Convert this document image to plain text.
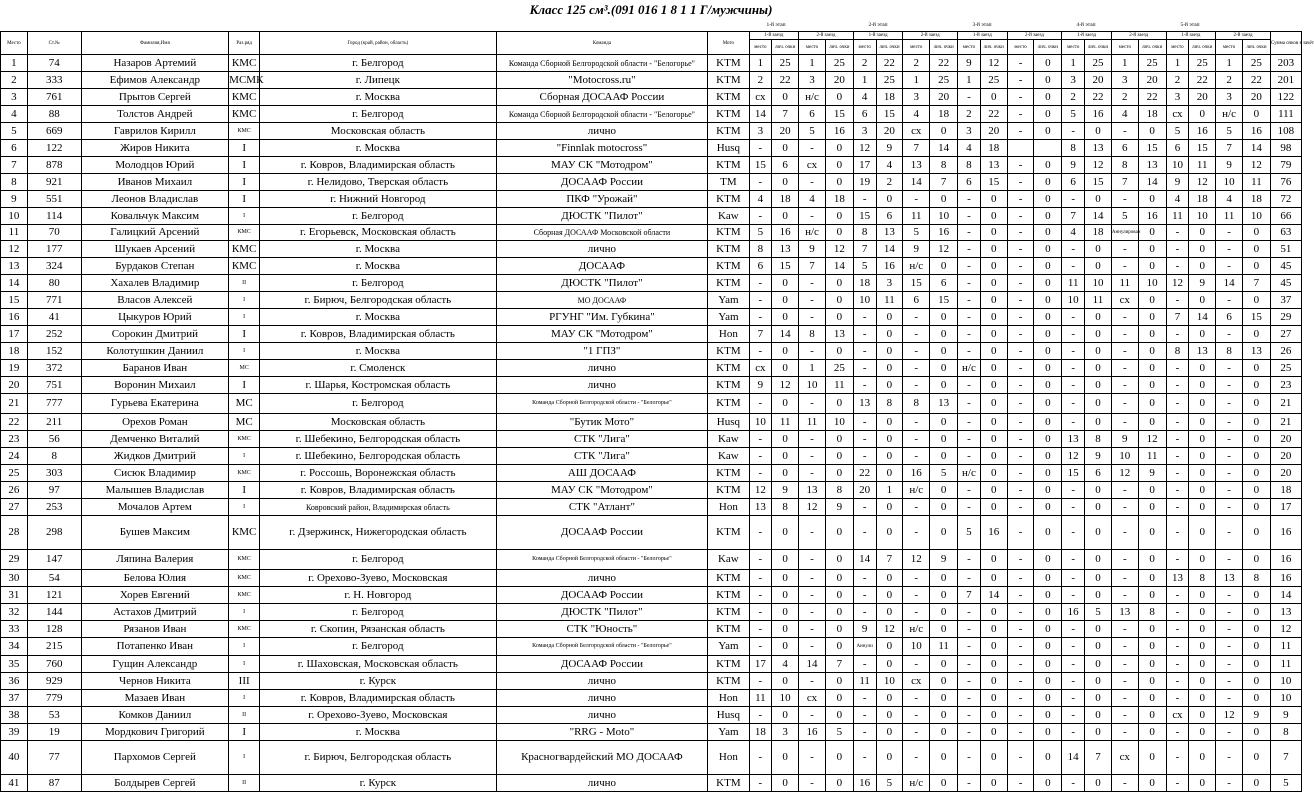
Класс 125 см³.(091 016 1 8 1 1 Г/мужчины)
1-й этап	2-й этап	3-й этап	4-й этап	5-й этап
Место	Ст.№	Фамилия,Имя	Раз.ряд	Город (край, район, область)	Команда	Мото	1-й заезд		2-й заезд		1-й заезд		2-й заезд		1-й заезд		2-й заезд		1-й заезд		2-й заезд		1-й заезд		2-й заезд		Сумма очков в зачёт
							место	лич. очки	место	лич. очки	место	лич. очки	место	лич. очки	место	лич. очки	место	лич. очки	место	лич. очки	место	лич. очки	место	лич. очки	место	лич. очки	
1	74	Назаров Артемий	КМС	г. Белгород	Команда Сборной Белгородской области - "Белогорье"	KTM	1	25	1	25	2	22	2	22	9	12	-	0	1	25	1	25	1	25	1	25	203
2	333	Ефимов Александр	МСМК	г. Липецк	"Motocross.ru"	KTM	2	22	3	20	1	25	1	25	1	25	-	0	3	20	3	20	2	22	2	22	201
3	761	Прытов Сергей	КМС	г. Москва	Сборная ДОСААФ России	KTM	сх	0	н/с	0	4	18	3	20	-	0	-	0	2	22	2	22	3	20	3	20	122
4	88	Толстов Андрей	КМС	г. Белгород	Команда Сборной Белгородской области - "Белогорье"	KTM	14	7	6	15	6	15	4	18	2	22	-	0	5	16	4	18	сх	0	н/с	0	111
5	669	Гаврилов Кирилл	КМС	Московская область	лично	KTM	3	20	5	16	3	20	сх	0	3	20	-	0	-	0	-	0	5	16	5	16	108
6	122	Жиров Никита	I	г. Москва	"Finnlak motocross"	Husq	-	0	-	0	12	9	7	14	4	18			8	13	6	15	6	15	7	14	98
7	878	Молодцов Юрий	I	г. Ковров, Владимирская область	МАУ СК "Мотодром"	KTM	15	6	сх	0	17	4	13	8	8	13	-	0	9	12	8	13	10	11	9	12	79
8	921	Иванов Михаил	I	г. Нелидово, Тверская область	ДОСААФ России	TM	-	0	-	0	19	2	14	7	6	15	-	0	6	15	7	14	9	12	10	11	76
9	551	Леонов Владислав	I	г. Нижний Новгород	ПКФ "Урожай"	KTM	4	18	4	18	-	0	-	0	-	0	-	0	-	0	-	0	4	18	4	18	72
10	114	Ковальчук Максим	I	г. Белгород	ДЮСТК "Пилот"	Kaw	-	0	-	0	15	6	11	10	-	0	-	0	7	14	5	16	11	10	11	10	66
11	70	Галицкий Арсений	КМС	г. Егорьевск, Московская область	Сборная ДОСААФ Московской области	KTM	5	16	н/с	0	8	13	5	16	-	0	-	0	4	18	Аннулирован	0	-	0	-	0	63
12	177	Шукаев Арсений	КМС	г. Москва	лично	KTM	8	13	9	12	7	14	9	12	-	0	-	0	-	0	-	0	-	0	-	0	51
13	324	Бурдаков Степан	КМС	г. Москва	ДОСААФ	KTM	6	15	7	14	5	16	н/с	0	-	0	-	0	-	0	-	0	-	0	-	0	45
14	80	Хахалев Владимир	II	г. Белгород	ДЮСТК "Пилот"	KTM	-	0	-	0	18	3	15	6	-	0	-	0	11	10	11	10	12	9	14	7	45
15	771	Власов Алексей	I	г. Бирюч, Белгородская область	МО ДОСААФ	Yam	-	0	-	0	10	11	6	15	-	0	-	0	10	11	сх	0	-	0	-	0	37
16	41	Цыкуров Юрий	I	г. Москва	РГУНГ "Им. Губкина"	Yam	-	0	-	0	-	0	-	0	-	0	-	0	-	0	-	0	7	14	6	15	29
17	252	Сорокин Дмитрий	I	г. Ковров, Владимирская область	МАУ СК "Мотодром"	Hon	7	14	8	13	-	0	-	0	-	0	-	0	-	0	-	0	-	0	-	0	27
18	152	Колотушкин Даниил	I	г. Москва	"1 ГПЗ"	KTM	-	0	-	0	-	0	-	0	-	0	-	0	-	0	-	0	8	13	8	13	26
19	372	Баранов Иван	МС	г. Смоленск	лично	KTM	сх	0	1	25	-	0	-	0	н/с	0	-	0	-	0	-	0	-	0	-	0	25
20	751	Воронин Михаил	I	г. Шарья, Костромская область	лично	KTM	9	12	10	11	-	0	-	0	-	0	-	0	-	0	-	0	-	0	-	0	23
21	777	Гурьева Екатерина	МС	г. Белгород	Команда Сборной Белгородской области - "Белогорье"	KTM	-	0	-	0	13	8	8	13	-	0	-	0	-	0	-	0	-	0	-	0	21
22	211	Орехов Роман	МС	Московская область	"Бутик Мото"	Husq	10	11	11	10	-	0	-	0	-	0	-	0	-	0	-	0	-	0	-	0	21
23	56	Демченко Виталий	КМС	г. Шебекино, Белгородская область	СТК "Лига"	Kaw	-	0	-	0	-	0	-	0	-	0	-	0	13	8	9	12	-	0	-	0	20
24	8	Жидков Дмитрий	I	г. Шебекино, Белгородская область	СТК "Лига"	Kaw	-	0	-	0	-	0	-	0	-	0	-	0	12	9	10	11	-	0	-	0	20
25	303	Сисюк Владимир	КМС	г. Россошь, Воронежская область	АШ ДОСААФ	KTM	-	0	-	0	22	0	16	5	н/с	0	-	0	15	6	12	9	-	0	-	0	20
26	97	Малышев Владислав	I	г. Ковров, Владимирская область	МАУ СК "Мотодром"	KTM	12	9	13	8	20	1	н/с	0	-	0	-	0	-	0	-	0	-	0	-	0	18
27	253	Мочалов Артем	I	Ковровский район, Владимирская область	СТК "Атлант"	Hon	13	8	12	9	-	0	-	0	-	0	-	0	-	0	-	0	-	0	-	0	17
28	298	Бушев Максим	КМС	г. Дзержинск, Нижегородская область	ДОСААФ России	KTM	-	0	-	0	-	0	-	0	5	16	-	0	-	0	-	0	-	0	-	0	16
29	147	Ляпина Валерия	КМС	г. Белгород	Команда Сборной Белгородской области - "Белогорье"	Kaw	-	0	-	0	14	7	12	9	-	0	-	0	-	0	-	0	-	0	-	0	16
30	54	Белова Юлия	КМС	г. Орехово-Зуево, Московская	лично	KTM	-	0	-	0	-	0	-	0	-	0	-	0	-	0	-	0	13	8	13	8	16
31	121	Хорев Евгений	КМС	г. Н. Новгород	ДОСААФ России	KTM	-	0	-	0	-	0	-	0	7	14	-	0	-	0	-	0	-	0	-	0	14
32	144	Астахов Дмитрий	I	г. Белгород	ДЮСТК "Пилот"	KTM	-	0	-	0	-	0	-	0	-	0	-	0	16	5	13	8	-	0	-	0	13
33	128	Рязанов Иван	КМС	г. Скопин, Рязанская область	СТК "Юность"	KTM	-	0	-	0	9	12	н/с	0	-	0	-	0	-	0	-	0	-	0	-	0	12
34	215	Потапенко Иван	I	г. Белгород	Команда Сборной Белгородской области - "Белогорье"	Yam	-	0	-	0	Аннули	0	10	11	-	0	-	0	-	0	-	0	-	0	-	0	11
35	760	Гущин Александр	I	г. Шаховская, Московская область	ДОСААФ России	KTM	17	4	14	7	-	0	-	0	-	0	-	0	-	0	-	0	-	0	-	0	11
36	929	Чернов Никита	III	г. Курск	лично	KTM	-	0	-	0	11	10	сх	0	-	0	-	0	-	0	-	0	-	0	-	0	10
37	779	Мазаев Иван	I	г. Ковров, Владимирская область	лично	Hon	11	10	сх	0	-	0	-	0	-	0	-	0	-	0	-	0	-	0	-	0	10
38	53	Комков Даниил	II	г. Орехово-Зуево, Московская	лично	Husq	-	0	-	0	-	0	-	0	-	0	-	0	-	0	-	0	сх	0	12	9	9
39	19	Мордкович Григорий	I	г. Москва	"RRG - Moto"	Yam	18	3	16	5	-	0	-	0	-	0	-	0	-	0	-	0	-	0	-	0	8
40	77	Пархомов Сергей	I	г. Бирюч, Белгородская область	Красногвардейский МО ДОСААФ	Hon	-	0	-	0	-	0	-	0	-	0	-	0	14	7	сх	0	-	0	-	0	7
41	87	Болдырев Сергей	II	г. Курск	лично	KTM	-	0	-	0	16	5	н/с	0	-	0	-	0	-	0	-	0	-	0	-	0	5
